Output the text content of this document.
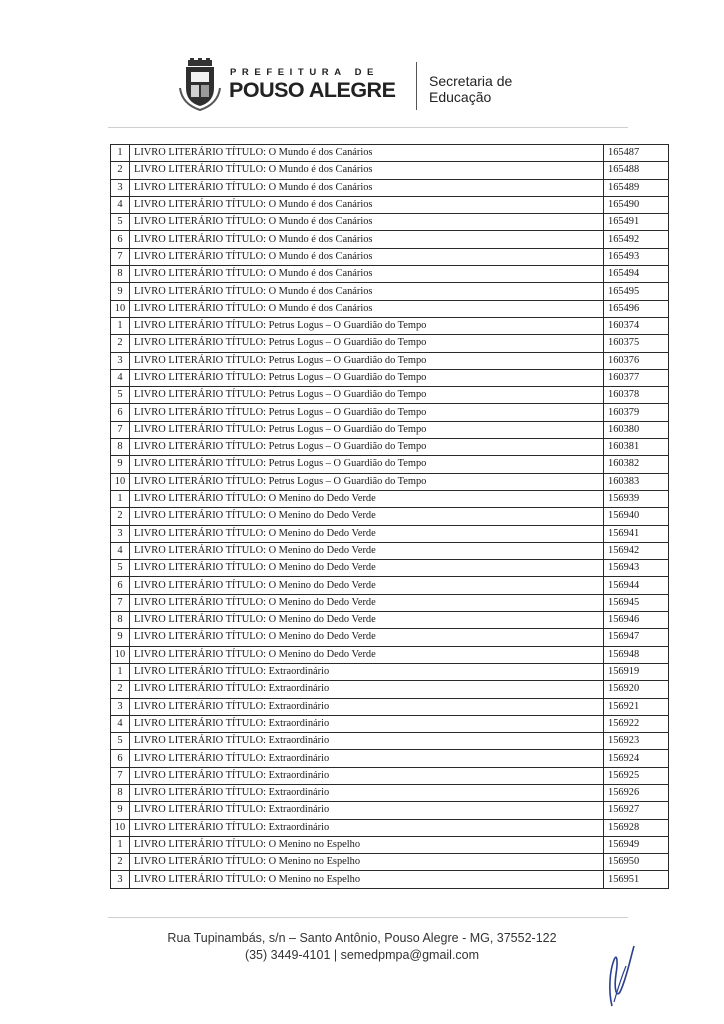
PREFEITURA DE
POUSO ALEGRE Secretaria de
Educação
1	LIVRO LITERÁRIO TÍTULO: O Mundo é dos Canários	165487
2	LIVRO LITERÁRIO TÍTULO: O Mundo é dos Canários	165488
3	LIVRO LITERÁRIO TÍTULO: O Mundo é dos Canários	165489
4	LIVRO LITERÁRIO TÍTULO: O Mundo é dos Canários	165490
5	LIVRO LITERÁRIO TÍTULO: O Mundo é dos Canários	165491
6	LIVRO LITERÁRIO TÍTULO: O Mundo é dos Canários	165492
7	LIVRO LITERÁRIO TÍTULO: O Mundo é dos Canários	165493
8	LIVRO LITERÁRIO TÍTULO: O Mundo é dos Canários	165494
9	LIVRO LITERÁRIO TÍTULO: O Mundo é dos Canários	165495
10	LIVRO LITERÁRIO TÍTULO: O Mundo é dos Canários	165496
1	LIVRO LITERÁRIO TÍTULO: Petrus Logus – O Guardião do Tempo	160374
2	LIVRO LITERÁRIO TÍTULO: Petrus Logus – O Guardião do Tempo	160375
3	LIVRO LITERÁRIO TÍTULO: Petrus Logus – O Guardião do Tempo	160376
4	LIVRO LITERÁRIO TÍTULO: Petrus Logus – O Guardião do Tempo	160377
5	LIVRO LITERÁRIO TÍTULO: Petrus Logus – O Guardião do Tempo	160378
6	LIVRO LITERÁRIO TÍTULO: Petrus Logus – O Guardião do Tempo	160379
7	LIVRO LITERÁRIO TÍTULO: Petrus Logus – O Guardião do Tempo	160380
8	LIVRO LITERÁRIO TÍTULO: Petrus Logus – O Guardião do Tempo	160381
9	LIVRO LITERÁRIO TÍTULO: Petrus Logus – O Guardião do Tempo	160382
10	LIVRO LITERÁRIO TÍTULO: Petrus Logus – O Guardião do Tempo	160383
1	LIVRO LITERÁRIO TÍTULO: O Menino do Dedo Verde	156939
2	LIVRO LITERÁRIO TÍTULO: O Menino do Dedo Verde	156940
3	LIVRO LITERÁRIO TÍTULO: O Menino do Dedo Verde	156941
4	LIVRO LITERÁRIO TÍTULO: O Menino do Dedo Verde	156942
5	LIVRO LITERÁRIO TÍTULO: O Menino do Dedo Verde	156943
6	LIVRO LITERÁRIO TÍTULO: O Menino do Dedo Verde	156944
7	LIVRO LITERÁRIO TÍTULO: O Menino do Dedo Verde	156945
8	LIVRO LITERÁRIO TÍTULO: O Menino do Dedo Verde	156946
9	LIVRO LITERÁRIO TÍTULO: O Menino do Dedo Verde	156947
10	LIVRO LITERÁRIO TÍTULO: O Menino do Dedo Verde	156948
1	LIVRO LITERÁRIO TÍTULO: Extraordinário	156919
2	LIVRO LITERÁRIO TÍTULO: Extraordinário	156920
3	LIVRO LITERÁRIO TÍTULO: Extraordinário	156921
4	LIVRO LITERÁRIO TÍTULO: Extraordinário	156922
5	LIVRO LITERÁRIO TÍTULO: Extraordinário	156923
6	LIVRO LITERÁRIO TÍTULO: Extraordinário	156924
7	LIVRO LITERÁRIO TÍTULO: Extraordinário	156925
8	LIVRO LITERÁRIO TÍTULO: Extraordinário	156926
9	LIVRO LITERÁRIO TÍTULO: Extraordinário	156927
10	LIVRO LITERÁRIO TÍTULO: Extraordinário	156928
1	LIVRO LITERÁRIO TÍTULO: O Menino no Espelho	156949
2	LIVRO LITERÁRIO TÍTULO: O Menino no Espelho	156950
3	LIVRO LITERÁRIO TÍTULO: O Menino no Espelho	156951
Rua Tupinambás, s/n – Santo Antônio, Pouso Alegre - MG, 37552-122
(35) 3449-4101 | semedpmpa@gmail.com
